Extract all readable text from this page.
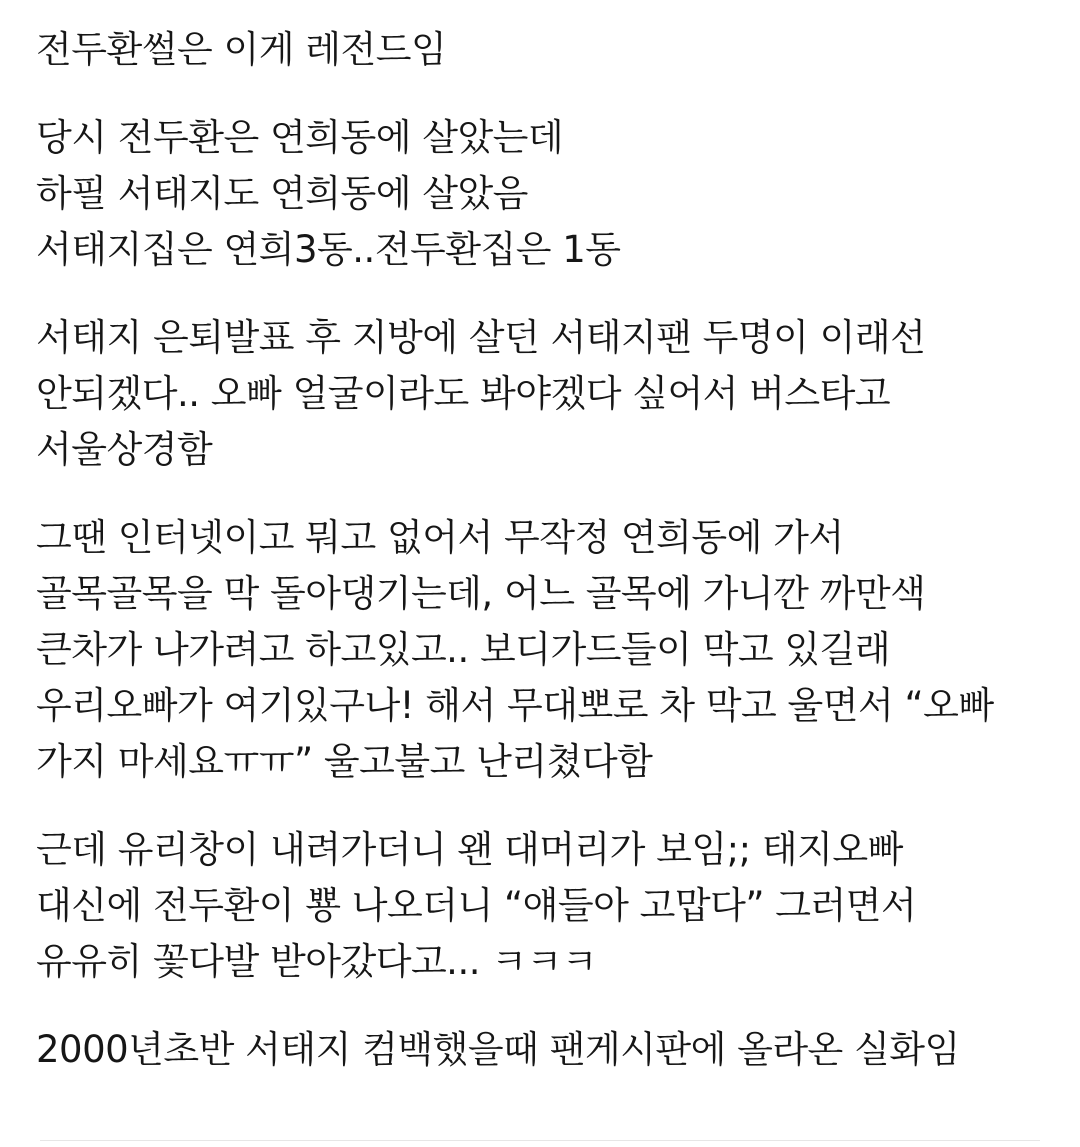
전두환썰은 이게 레전드임
당시 전두환은 연희동에 살았는데
하필 서태지도 연희동에 살았음
서태지집은 연희3동..전두환집은 1동
서태지 은퇴발표 후 지방에 살던 서태지팬 두명이 이래선
안되겠다.. 오빠 얼굴이라도 봐야겠다 싶어서 버스타고
서울상경함
그땐 인터넷이고 뭐고 없어서 무작정 연희동에 가서
골목골목을 막 돌아댕기는데, 어느 골목에 가니깐 까만색
큰차가 나가려고 하고있고.. 보디가드들이 막고 있길래
우리오빠가 여기있구나! 해서 무대뽀로 차 막고 울면서 “오빠
가지 마세요ㅠㅠ” 울고불고 난리쳤다함
근데 유리창이 내려가더니 왠 대머리가 보임;; 태지오빠
대신에 전두환이 뿅 나오더니 “얘들아 고맙다” 그러면서
유유히 꽃다발 받아갔다고... ㅋㅋㅋ
2000년초반 서태지 컴백했을때 팬게시판에 올라온 실화임
